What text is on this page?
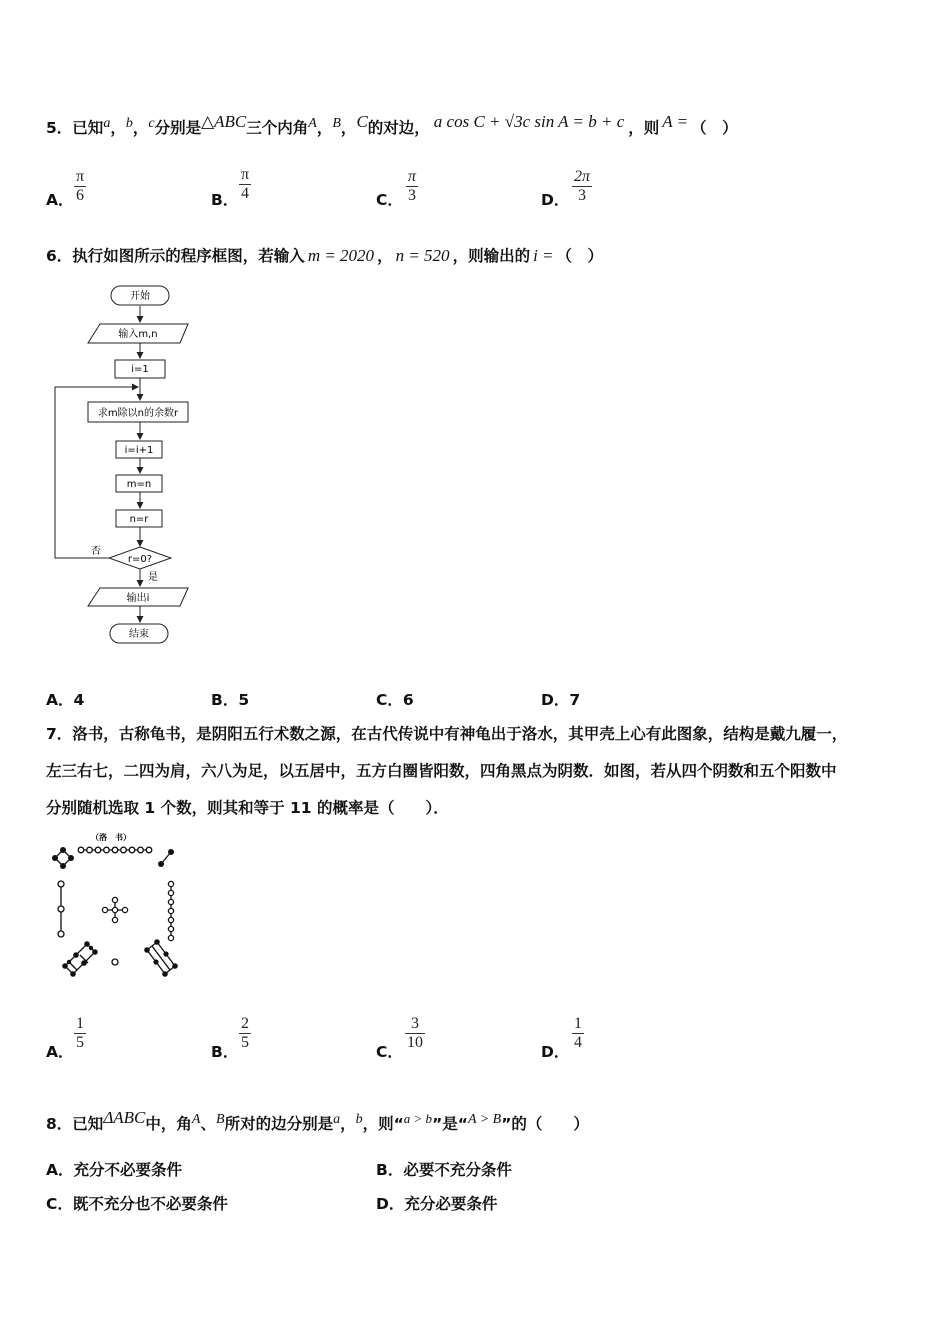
5．已知$^a$，$^b$，$^c$分别是$^{\triangle ABC}$三个内角$^A$，$^B$，$^C$的对边， $^{a cos C + √3c sin A = b + c}$ ，则 $^{A =}$ （　）
A． $\frac{\pi}{6}$	B． $\frac{\pi}{4}$	C． $\frac{\pi}{3}$	D． $\frac{2\pi}{3}$
6．执行如图所示的程序框图，若输入 m = 2020 ， n = 520 ，则输出的 i = （　）
开始
输入m,n
i=1
求m除以n的余数r
i=i+1
m=n
n=r
r=0?
否
是
输出i
结束
A．4	B．5	C．6	D．7
7．洛书，古称龟书，是阴阳五行术数之源，在古代传说中有神龟出于洛水，其甲壳上心有此图象，结构是戴九履一，
左三右七，二四为肩，六八为足，以五居中，五方白圈皆阳数，四角黑点为阴数．如图，若从四个阴数和五个阳数中
分别随机选取 1 个数，则其和等于 11 的概率是（　　）．
（洛　书）
A． $\frac{1}{5}$	B． $\frac{2}{5}$	C． $\frac{3}{10}$	D． $\frac{1}{4}$
8．已知$^{\Delta ABC}$中，角$^A$、$^B$所对的边分别是$^a$，$^b$，则“$^{a > b}$”是“$^{A > B}$”的（　　）
A．充分不必要条件	B．必要不充分条件
C．既不充分也不必要条件	D．充分必要条件
